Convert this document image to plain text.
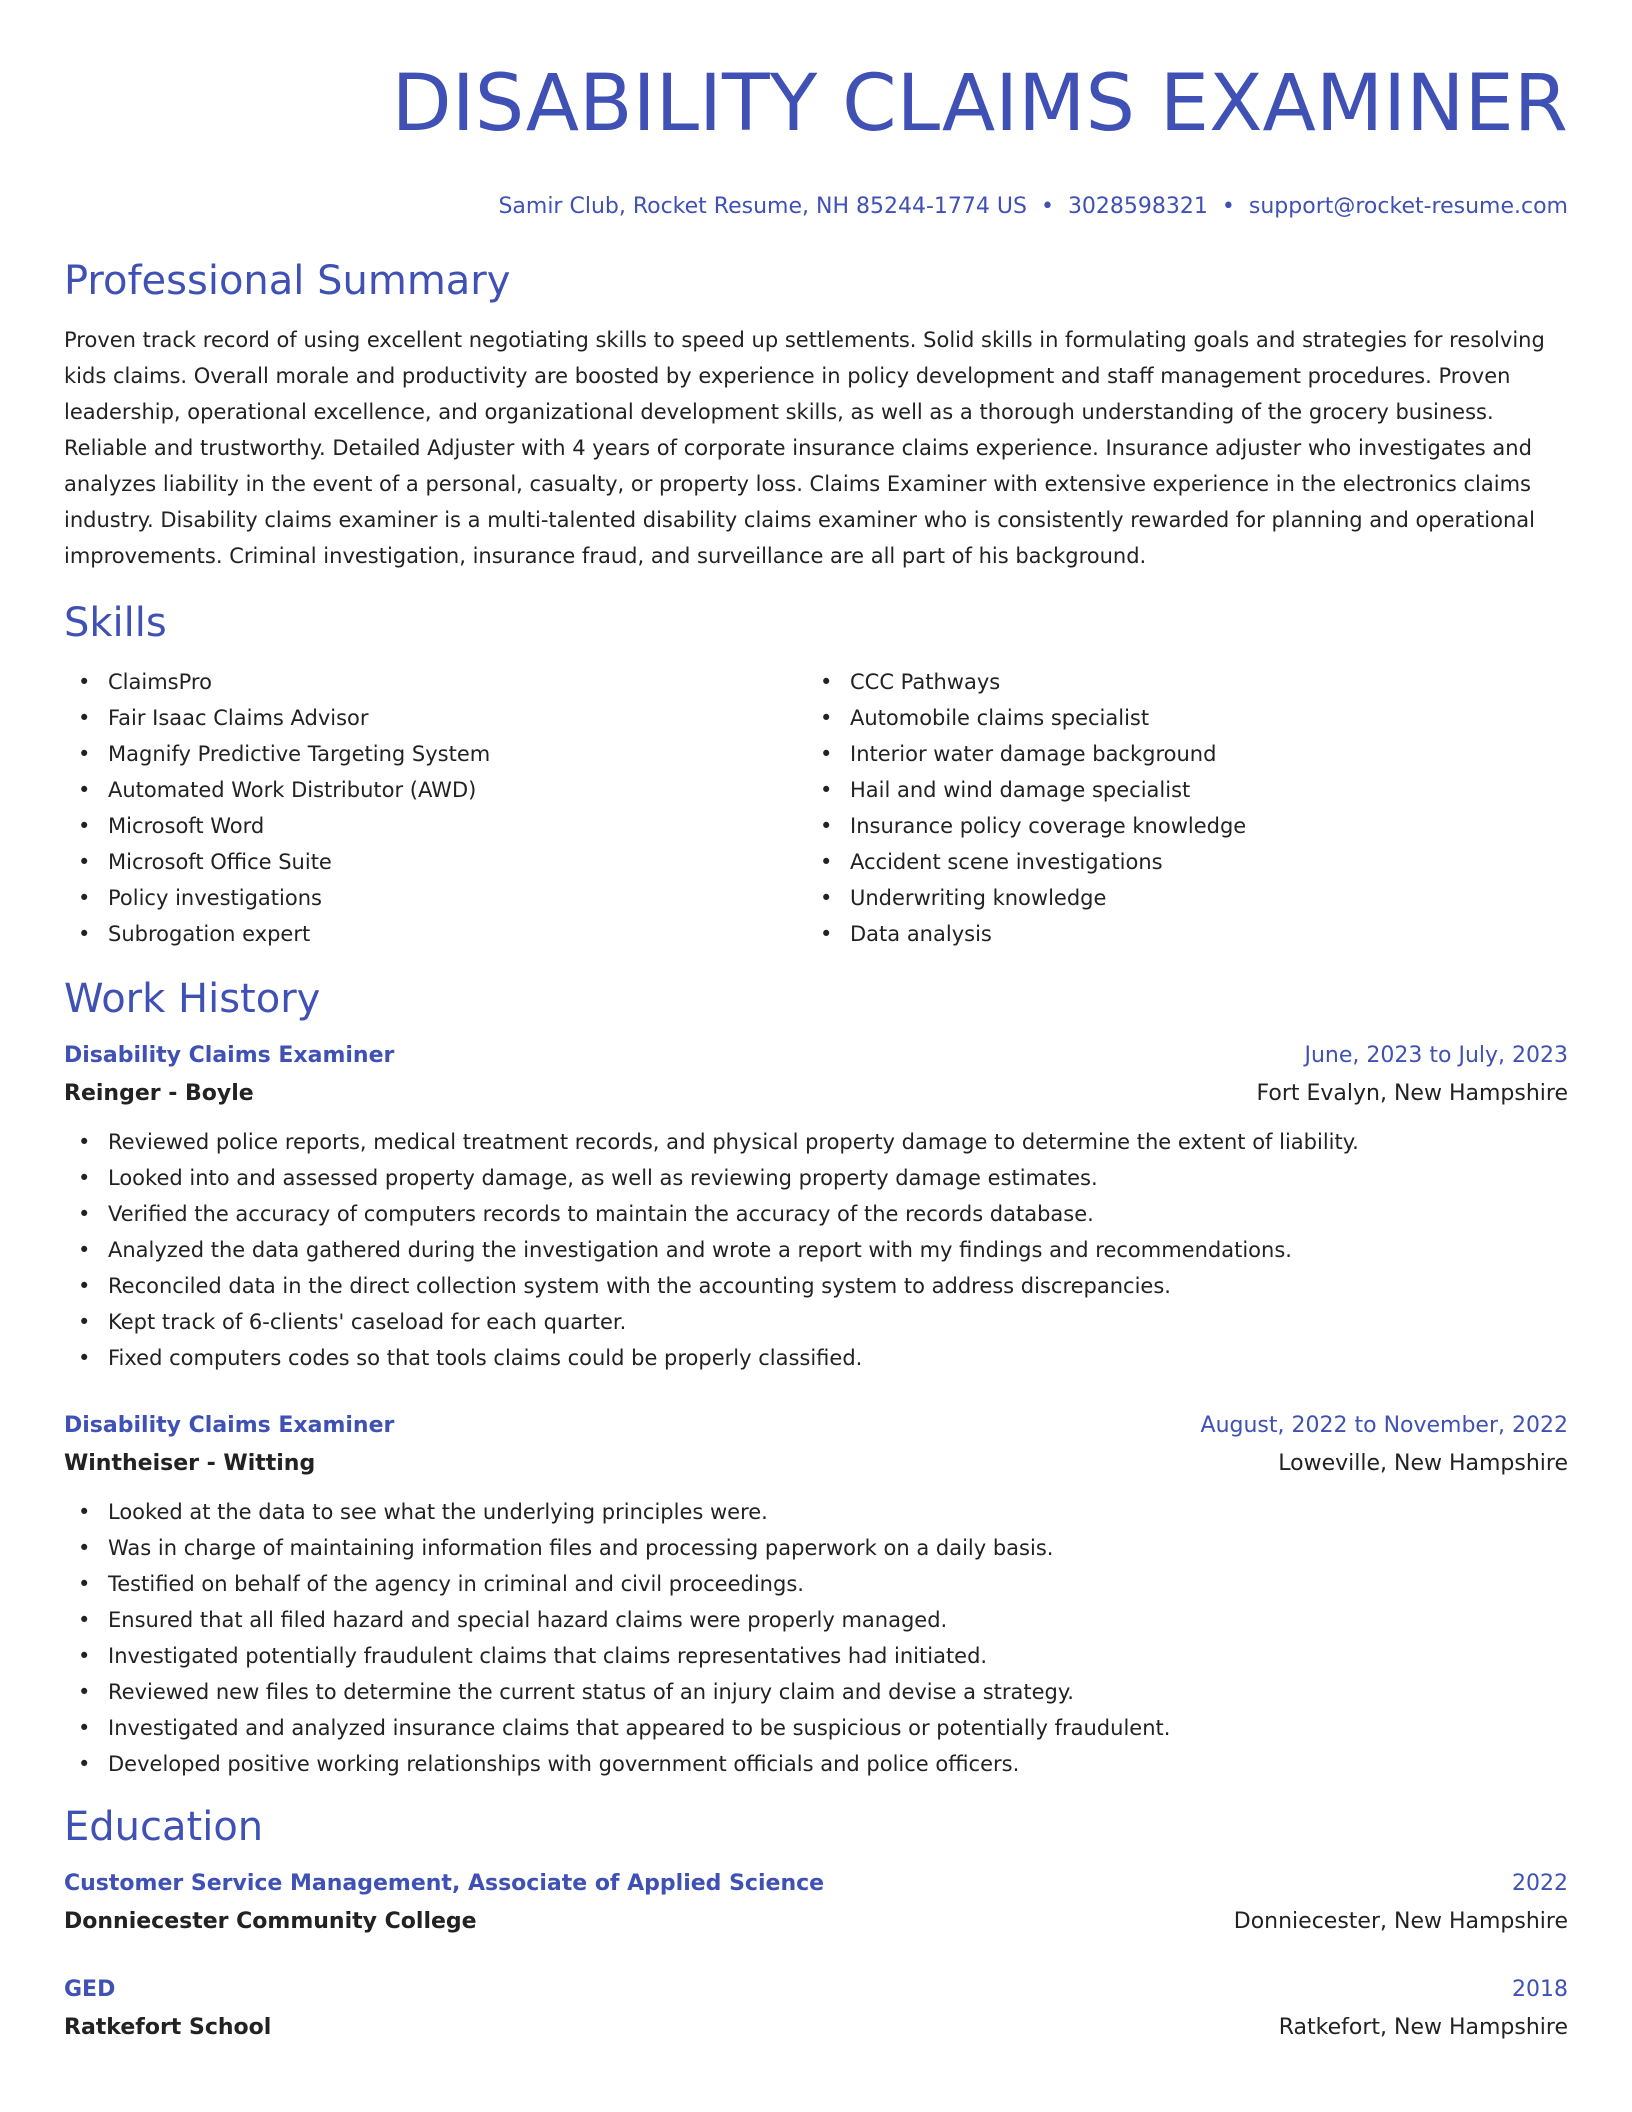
DISABILITY CLAIMS EXAMINER
Samir Club, Rocket Resume, NH 85244-1774 US • 3028598321 • support@rocket-resume.com
Professional Summary

Proven track record of using excellent negotiating skills to speed up settlements. Solid skills in formulating goals and strategies for resolving kids claims. Overall morale and productivity are boosted by experience in policy development and staff management procedures. Proven leadership, operational excellence, and organizational development skills, as well as a thorough understanding of the grocery business. Reliable and trustworthy. Detailed Adjuster with 4 years of corporate insurance claims experience. Insurance adjuster who investigates and analyzes liability in the event of a personal, casualty, or property loss. Claims Examiner with extensive experience in the electronics claims industry. Disability claims examiner is a multi-talented disability claims examiner who is consistently rewarded for planning and operational improvements. Criminal investigation, insurance fraud, and surveillance are all part of his background.

Skills
• ClaimsPro
• Fair Isaac Claims Advisor
• Magnify Predictive Targeting System
• Automated Work Distributor (AWD)
• Microsoft Word
• Microsoft Office Suite
• Policy investigations
• Subrogation expert
• CCC Pathways
• Automobile claims specialist
• Interior water damage background
• Hail and wind damage specialist
• Insurance policy coverage knowledge
• Accident scene investigations
• Underwriting knowledge
• Data analysis
Work History
Disability Claims Examiner	June, 2023 to July, 2023
Reinger - Boyle	Fort Evalyn, New Hampshire
• Reviewed police reports, medical treatment records, and physical property damage to determine the extent of liability.
• Looked into and assessed property damage, as well as reviewing property damage estimates.
• Verified the accuracy of computers records to maintain the accuracy of the records database.
• Analyzed the data gathered during the investigation and wrote a report with my findings and recommendations.
• Reconciled data in the direct collection system with the accounting system to address discrepancies.
• Kept track of 6-clients' caseload for each quarter.
• Fixed computers codes so that tools claims could be properly classified.
Disability Claims Examiner	August, 2022 to November, 2022
Wintheiser - Witting	Loweville, New Hampshire
• Looked at the data to see what the underlying principles were.
• Was in charge of maintaining information files and processing paperwork on a daily basis.
• Testified on behalf of the agency in criminal and civil proceedings.
• Ensured that all filed hazard and special hazard claims were properly managed.
• Investigated potentially fraudulent claims that claims representatives had initiated.
• Reviewed new files to determine the current status of an injury claim and devise a strategy.
• Investigated and analyzed insurance claims that appeared to be suspicious or potentially fraudulent.
• Developed positive working relationships with government officials and police officers.
Education
Customer Service Management, Associate of Applied Science	2022
Donniecester Community College	Donniecester, New Hampshire
GED	2018
Ratkefort School	Ratkefort, New Hampshire
